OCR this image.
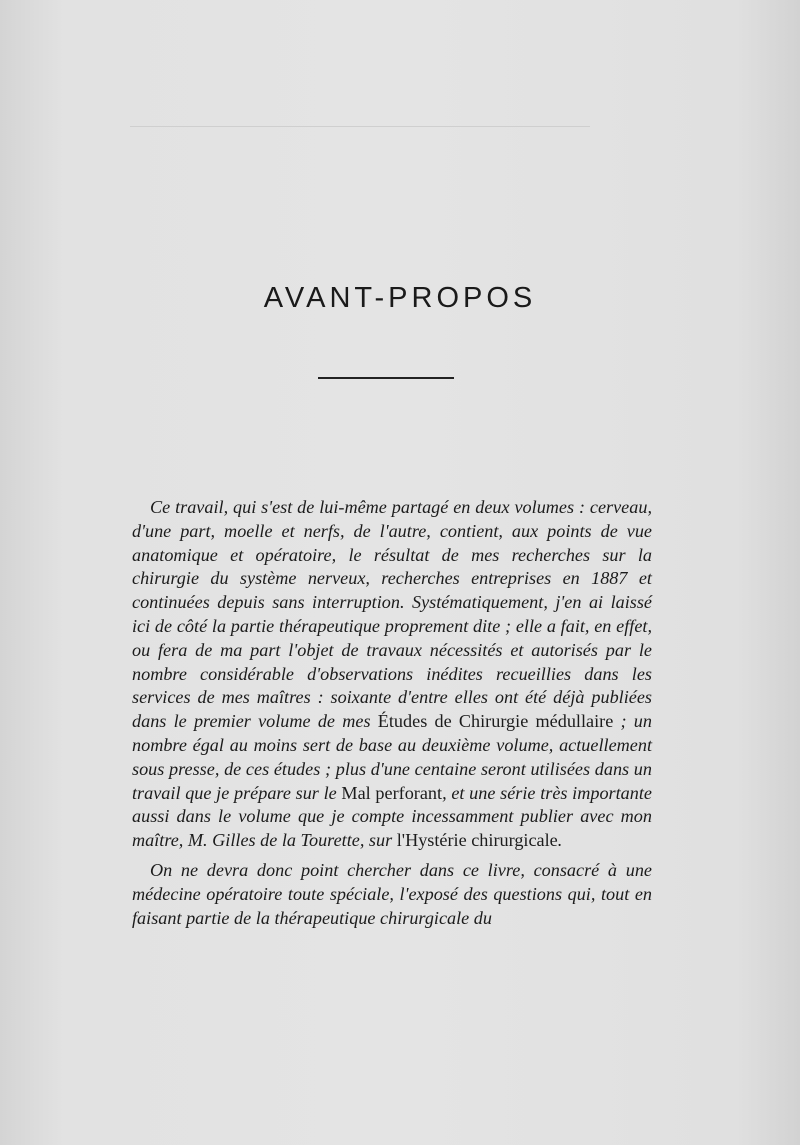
AVANT-PROPOS

Ce travail, qui s'est de lui-même partagé en deux volumes : cerveau, d'une part, moelle et nerfs, de l'autre, contient, aux points de vue anatomique et opératoire, le résultat de mes recherches sur la chirurgie du système nerveux, recherches entreprises en 1887 et continuées depuis sans interruption. Systématiquement, j'en ai laissé ici de côté la partie thérapeutique proprement dite ; elle a fait, en effet, ou fera de ma part l'objet de travaux nécessités et autorisés par le nombre considérable d'observations inédites recueillies dans les services de mes maîtres : soixante d'entre elles ont été déjà publiées dans le premier volume de mes Études de Chirurgie médullaire ; un nombre égal au moins sert de base au deuxième volume, actuellement sous presse, de ces études ; plus d'une centaine seront utilisées dans un travail que je prépare sur le Mal perforant, et une série très importante aussi dans le volume que je compte incessamment publier avec mon maître, M. Gilles de la Tourette, sur l'Hystérie chirurgicale.

On ne devra donc point chercher dans ce livre, consacré à une médecine opératoire toute spéciale, l'exposé des questions qui, tout en faisant partie de la thérapeutique chirurgicale du
